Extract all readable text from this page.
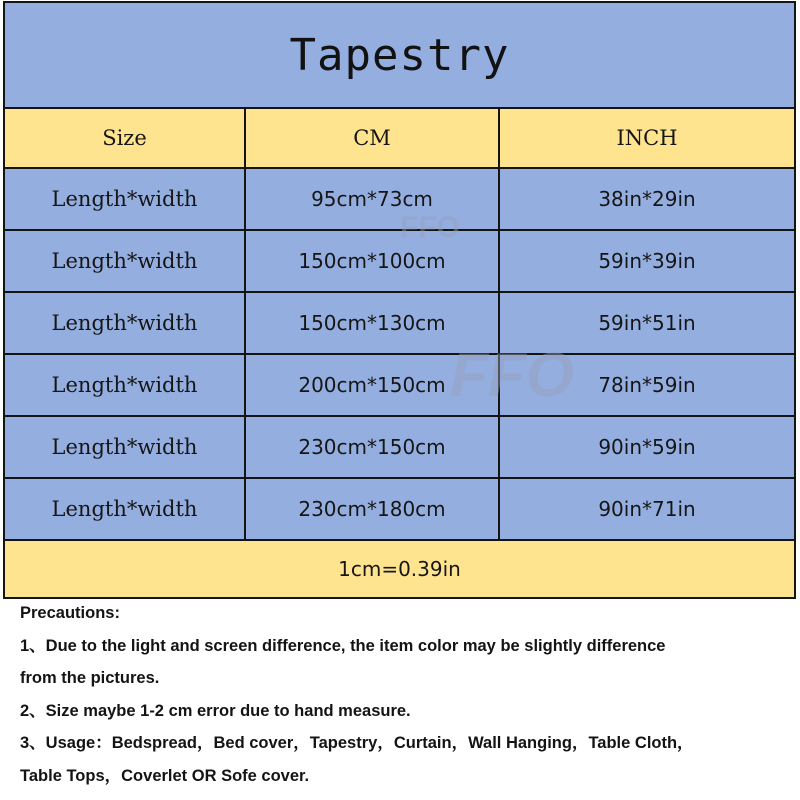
Tapestry
Size	CM	INCH
Length*width	95cm*73cm	38in*29in
Length*width	150cm*100cm	59in*39in
Length*width	150cm*130cm	59in*51in
Length*width	200cm*150cm	78in*59in
Length*width	230cm*150cm	90in*59in
Length*width	230cm*180cm	90in*71in
1cm=0.39in
FFO
FFO
Precautions:
1、Due to the light and screen difference, the item color may be slightly difference
from the pictures.
2、Size maybe 1-2 cm error due to hand measure.
3、Usage：Bedspread，Bed cover，Tapestry，Curtain，Wall Hanging，Table Cloth，
Table Tops，Coverlet OR Sofe cover.
